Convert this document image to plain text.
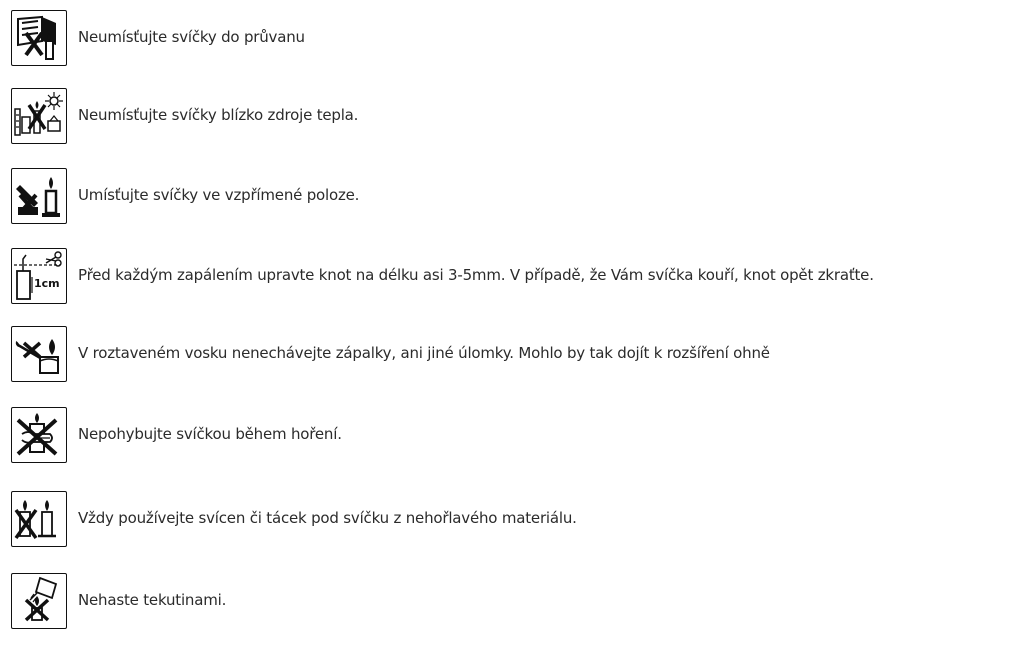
Neumísťujte svíčky do průvanu
Neumísťujte svíčky blízko zdroje tepla.
Umísťujte svíčky ve vzpřímené poloze.
1cm Před každým zapálením upravte knot na délku asi 3-5mm. V případě, že Vám svíčka kouří, knot opět zkraťte.
V roztaveném vosku nenechávejte zápalky, ani jiné úlomky. Mohlo by tak dojít k rozšíření ohně
Nepohybujte svíčkou během hoření.
Vždy používejte svícen či tácek pod svíčku z nehořlavého materiálu.
Nehaste tekutinami.
